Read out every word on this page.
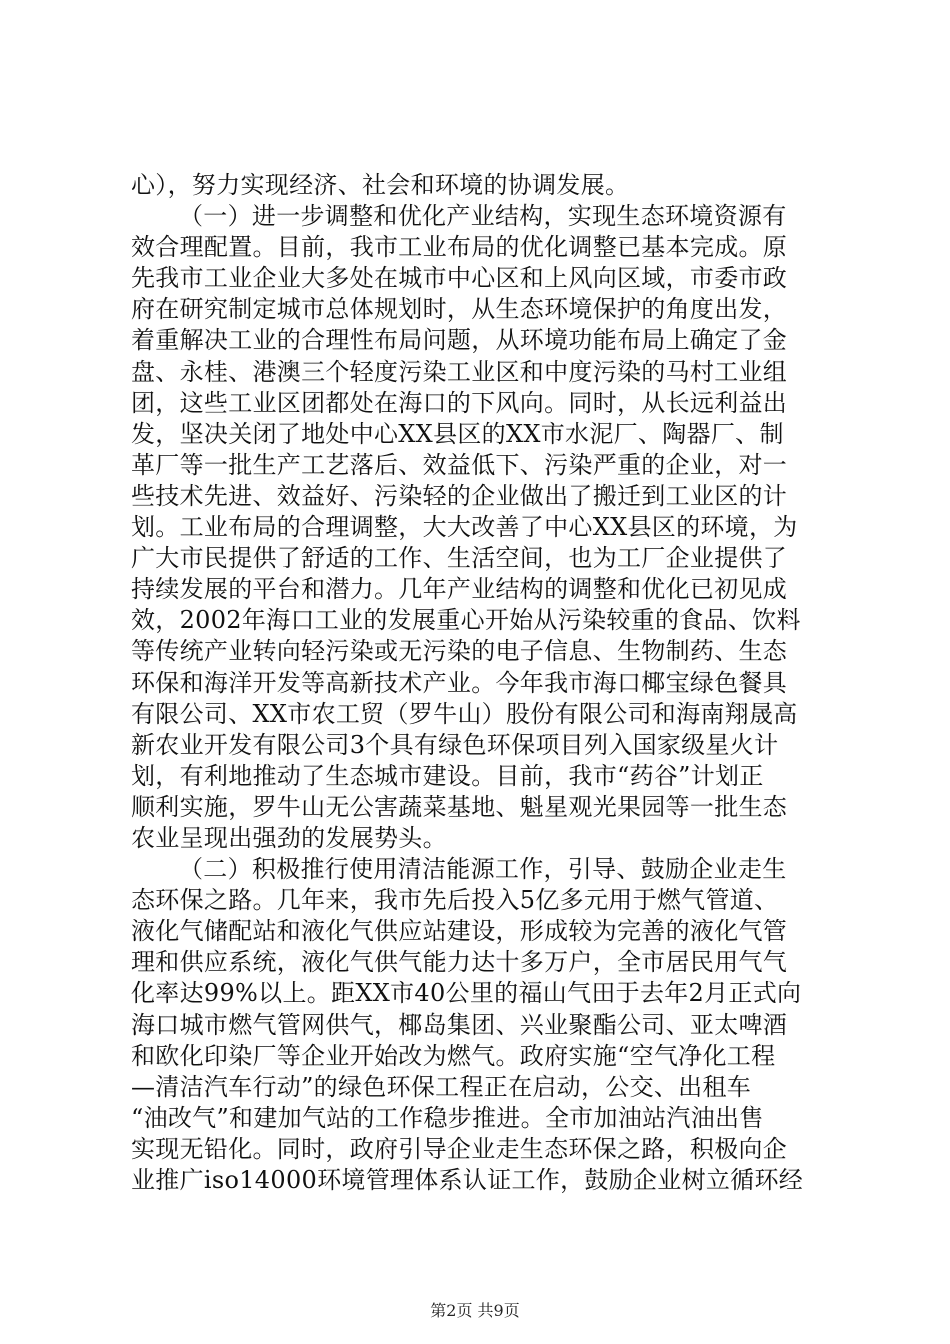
心），努力实现经济、社会和环境的协调发展。
（一）进一步调整和优化产业结构，实现生态环境资源有
效合理配置。目前，我市工业布局的优化调整已基本完成。原
先我市工业企业大多处在城市中心区和上风向区域，市委市政
府在研究制定城市总体规划时，从生态环境保护的角度出发，
着重解决工业的合理性布局问题，从环境功能布局上确定了金
盘、永桂、港澳三个轻度污染工业区和中度污染的马村工业组
团，这些工业区团都处在海口的下风向。同时，从长远利益出
发，坚决关闭了地处中心XX县区的XX市水泥厂、陶器厂、制
革厂等一批生产工艺落后、效益低下、污染严重的企业，对一
些技术先进、效益好、污染轻的企业做出了搬迁到工业区的计
划。工业布局的合理调整，大大改善了中心XX县区的环境，为
广大市民提供了舒适的工作、生活空间，也为工厂企业提供了
持续发展的平台和潜力。几年产业结构的调整和优化已初见成
效，2002年海口工业的发展重心开始从污染较重的食品、饮料
等传统产业转向轻污染或无污染的电子信息、生物制药、生态
环保和海洋开发等高新技术产业。今年我市海口椰宝绿色餐具
有限公司、XX市农工贸（罗牛山）股份有限公司和海南翔晟高
新农业开发有限公司3个具有绿色环保项目列入国家级星火计
划，有利地推动了生态城市建设。目前，我市“药谷”计划正
顺利实施，罗牛山无公害蔬菜基地、魁星观光果园等一批生态
农业呈现出强劲的发展势头。
（二）积极推行使用清洁能源工作，引导、鼓励企业走生
态环保之路。几年来，我市先后投入5亿多元用于燃气管道、
液化气储配站和液化气供应站建设，形成较为完善的液化气管
理和供应系统，液化气供气能力达十多万户，全市居民用气气
化率达99%以上。距XX市40公里的福山气田于去年2月正式向
海口城市燃气管网供气，椰岛集团、兴业聚酯公司、亚太啤酒
和欧化印染厂等企业开始改为燃气。政府实施“空气净化工程
—清洁汽车行动”的绿色环保工程正在启动，公交、出租车
“油改气”和建加气站的工作稳步推进。全市加油站汽油出售
实现无铅化。同时，政府引导企业走生态环保之路，积极向企
业推广iso14000环境管理体系认证工作，鼓励企业树立循环经
第2页 共9页
